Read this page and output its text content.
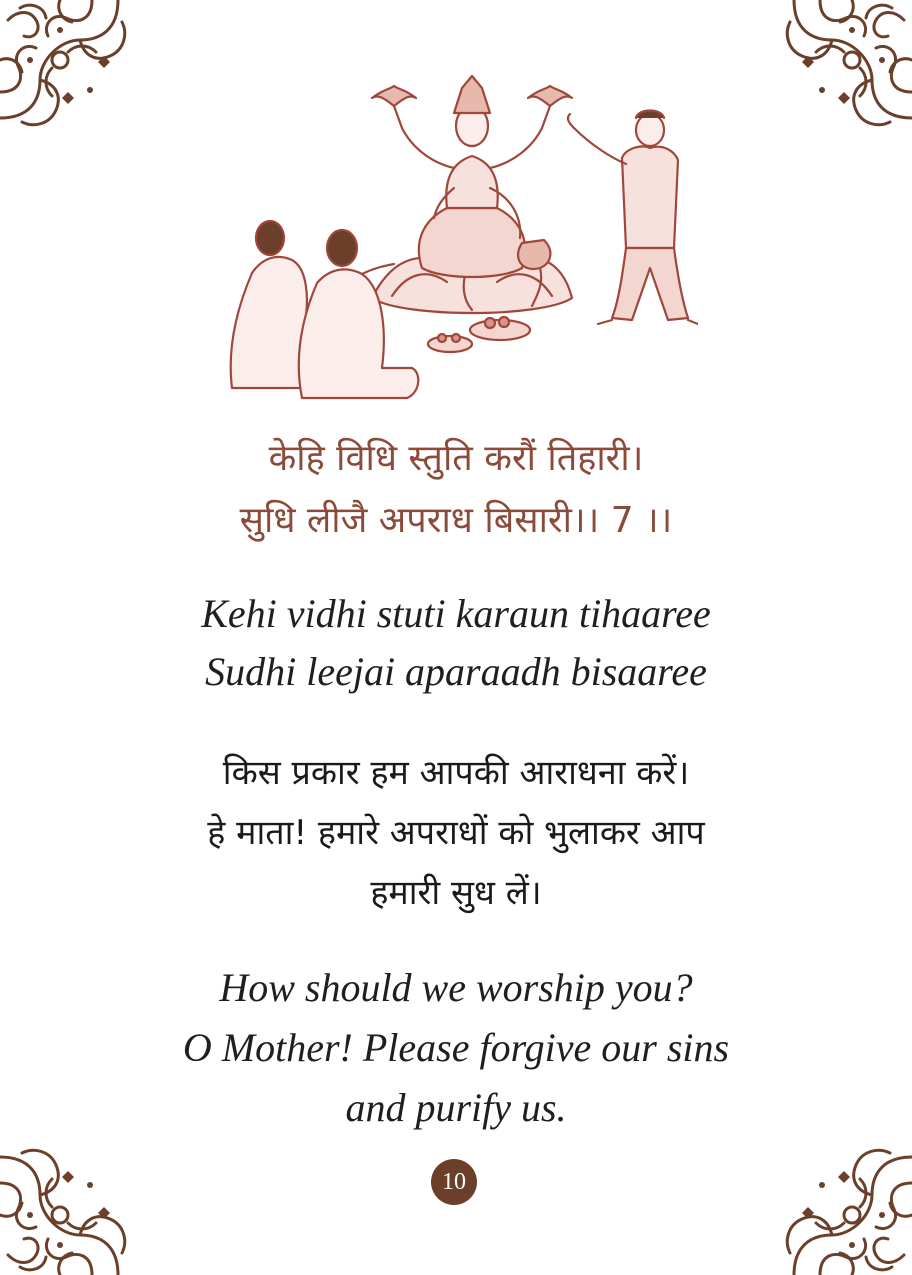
केहि विधि स्तुति करौं तिहारी।
सुधि लीजै अपराध बिसारी।। 7 ।।
Kehi vidhi stuti karaun tihaaree
Sudhi leejai aparaadh bisaaree
किस प्रकार हम आपकी आराधना करें।
हे माता! हमारे अपराधों को भुलाकर आप
हमारी सुध लें।
How should we worship you?
O Mother! Please forgive our sins
and purify us.
10
